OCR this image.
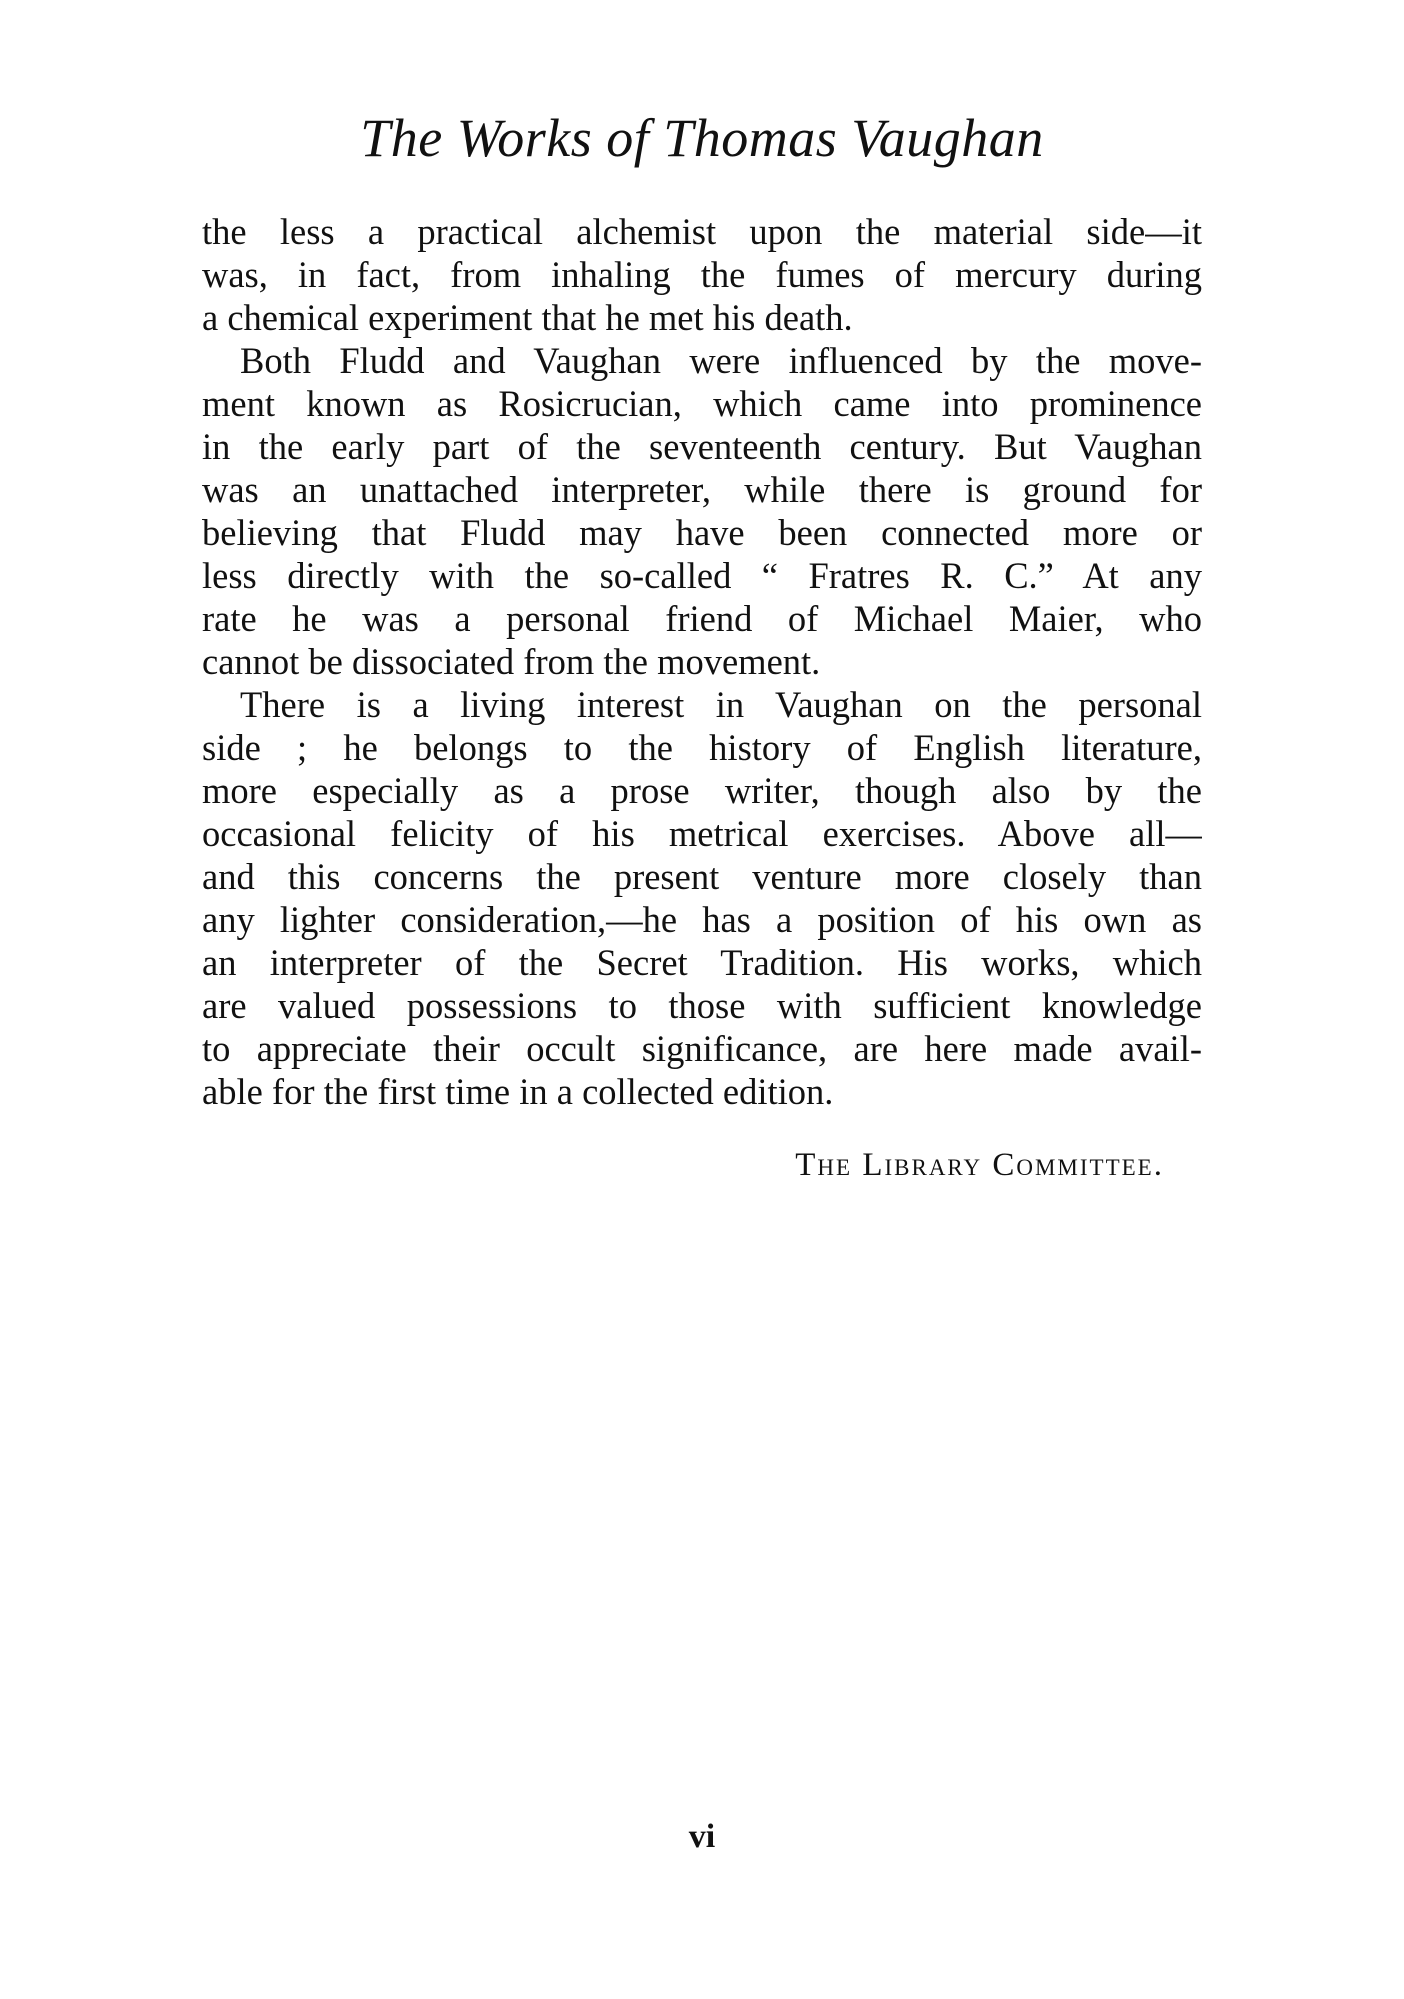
The Works of Thomas Vaughan
the less a practical alchemist upon the material side—it
was, in fact, from inhaling the fumes of mercury during
a chemical experiment that he met his death.
Both Fludd and Vaughan were influenced by the move-
ment known as Rosicrucian, which came into prominence
in the early part of the seventeenth century. But Vaughan
was an unattached interpreter, while there is ground for
believing that Fludd may have been connected more or
less directly with the so-called “ Fratres R. C.” At any
rate he was a personal friend of Michael Maier, who
cannot be dissociated from the movement.
There is a living interest in Vaughan on the personal
side ; he belongs to the history of English literature,
more especially as a prose writer, though also by the
occasional felicity of his metrical exercises. Above all—
and this concerns the present venture more closely than
any lighter consideration,—he has a position of his own as
an interpreter of the Secret Tradition. His works, which
are valued possessions to those with sufficient knowledge
to appreciate their occult significance, are here made avail-
able for the first time in a collected edition.
The Library Committee.
vi
